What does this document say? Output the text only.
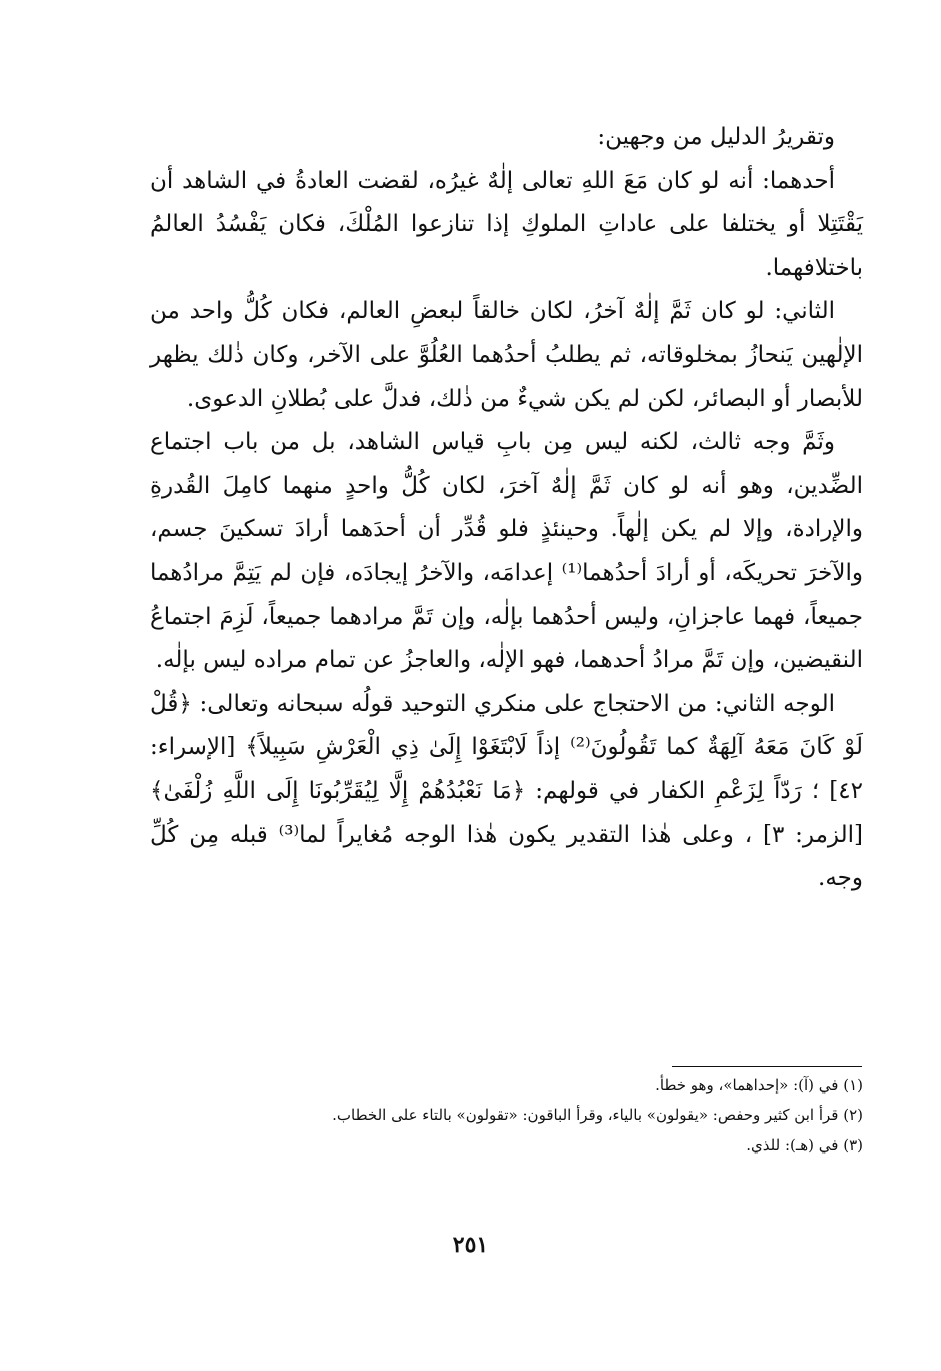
وتقريرُ الدليل من وجهين:

أحدهما: أنه لو كان مَعَ اللهِ تعالى إلٰهٌ غيرُه، لقضت العادةُ في الشاهد أن يَقْتَتِلا أو يختلفا على عاداتِ الملوكِ إذا تنازعوا المُلْكَ، فكان يَفْسُدُ العالمُ باختلافهما.

الثاني: لو كان ثَمَّ إلٰهٌ آخرُ، لكان خالقاً لبعضِ العالم، فكان كُلُّ واحد من الإلٰهين يَنحازُ بمخلوقاته، ثم يطلبُ أحدُهما العُلُوَّ على الآخر، وكان ذٰلك يظهر للأبصار أو البصائر، لكن لم يكن شيءٌ من ذٰلك، فدلَّ على بُطلانِ الدعوى.

وثَمَّ وجه ثالث، لكنه ليس مِن بابِ قياس الشاهد، بل من باب اجتماع الضِّدين، وهو أنه لو كان ثَمَّ إلٰهٌ آخرَ، لكان كُلُّ واحدٍ منهما كامِلَ القُدرةِ والإرادة، وإلا لم يكن إلٰهاً. وحينئذٍ فلو قُدِّر أن أحدَهما أرادَ تسكينَ جسم، والآخرَ تحريكَه، أو أرادَ أحدُهما⁽¹⁾ إعدامَه، والآخرُ إيجادَه، فإن لم يَتِمَّ مرادُهما جميعاً، فهما عاجزانِ، وليس أحدُهما بإلٰه، وإن تَمَّ مرادهما جميعاً، لَزِمَ اجتماعُ النقيضين، وإن تَمَّ مرادُ أحدهما، فهو الإلٰه، والعاجزُ عن تمام مراده ليس بإلٰه.

الوجه الثاني: من الاحتجاج على منكري التوحيد قولُه سبحانه وتعالى: ﴿قُلْ لَوْ كَانَ مَعَهُ آلِهَةٌ كما تَقُولُونَ⁽²⁾ إذاً لَابْتَغَوْا إِلَىٰ ذِي الْعَرْشِ سَبِيلاً﴾ [الإسراء: ٤٢] ؛ رَدّاً لِزَعْمِ الكفار في قولهم: ﴿مَا نَعْبُدُهُمْ إِلَّا لِيُقَرِّبُونَا إِلَى اللَّهِ زُلْفَىٰ﴾ [الزمر: ٣] ، وعلى هٰذا التقدير يكون هٰذا الوجه مُغايراً لما⁽³⁾ قبله مِن كُلِّ وجه.

(١) في (آ): «إحداهما»، وهو خطأ.

(٢) قرأ ابن كثير وحفص: «يقولون» بالياء، وقرأ الباقون: «تقولون» بالتاء على الخطاب.

(٣) في (هـ): للذي.

٢٥١
